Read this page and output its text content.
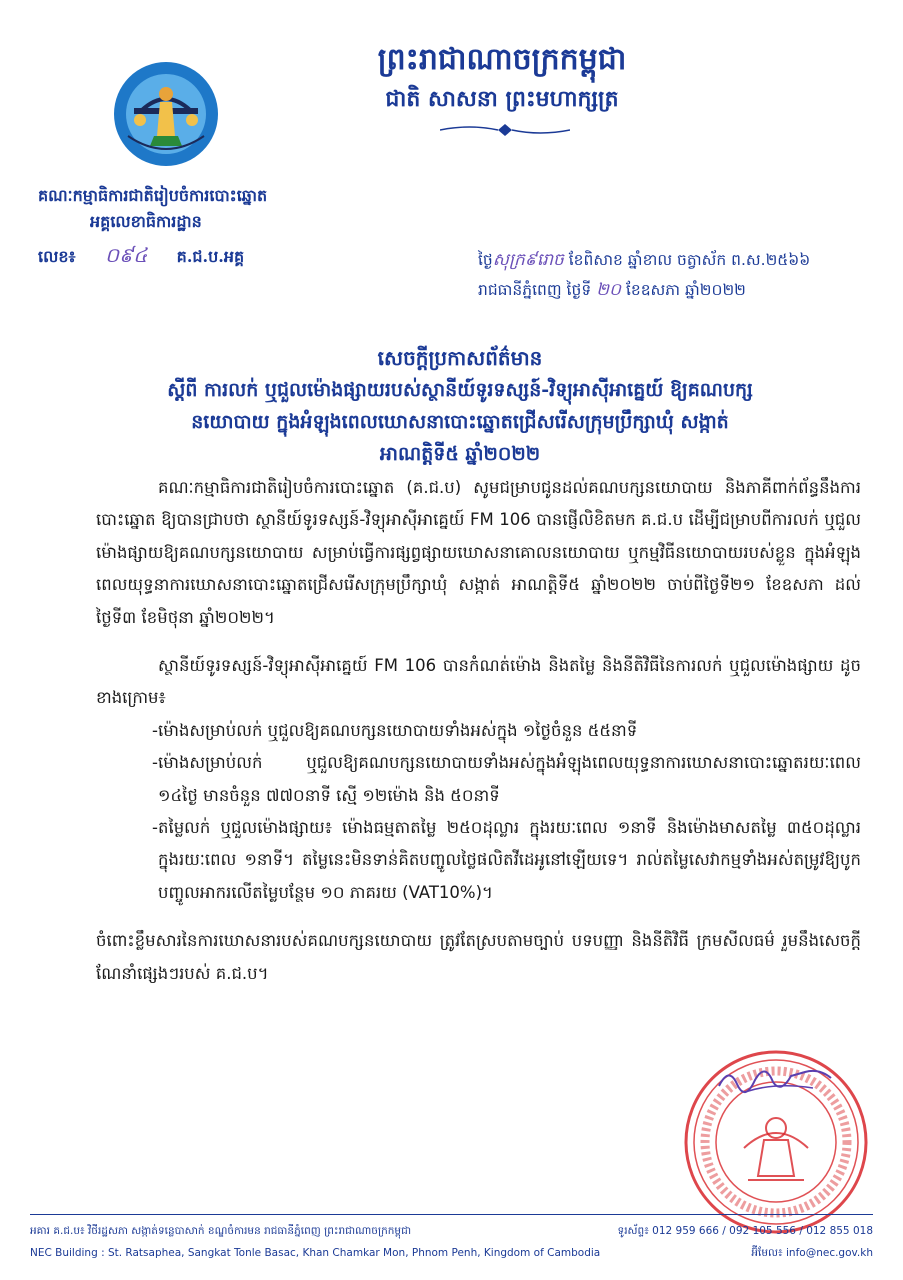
ព្រះរាជាណាចក្រកម្ពុជា
ជាតិ សាសនា ព្រះមហាក្សត្រ
គណៈកម្មាធិការជាតិរៀបចំការបោះឆ្នោត
អគ្គលេខាធិការដ្ឋាន
លេខ៖ ០៩៤ គ.ជ.ប.អគ្គ	ថ្ងៃសុក្រ៩រោច ខែពិសាខ ឆ្នាំខាល ចត្វាស័ក ព.ស.២៥៦៦
រាជធានីភ្នំពេញ ថ្ងៃទី ២០ ខែឧសភា ឆ្នាំ២០២២
សេចក្តីប្រកាសព័ត៌មាន
ស្តីពី ការលក់ ឬជួលម៉ោងផ្សាយរបស់ស្ថានីយ៍ទូរទស្សន៍-វិទ្យុអាស៊ីអាគ្នេយ៍ ឱ្យគណបក្ស
នយោបាយ ក្នុងអំឡុងពេលឃោសនាបោះឆ្នោតជ្រើសរើសក្រុមប្រឹក្សាឃុំ សង្កាត់
អាណត្តិទី៥ ឆ្នាំ២០២២

គណៈកម្មាធិការជាតិរៀបចំការបោះឆ្នោត (គ.ជ.ប) សូមជម្រាបជូនដល់គណបក្សនយោបាយ និងភាគីពាក់ព័ន្ធនឹងការបោះឆ្នោត ឱ្យបានជ្រាបថា ស្ថានីយ៍ទូរទស្សន៍-វិទ្យុអាស៊ីអាគ្នេយ៍ FM 106 បានផ្ញើលិខិតមក គ.ជ.ប ដើម្បីជម្រាបពីការលក់ ឬជួលម៉ោងផ្សាយឱ្យគណបក្សនយោបាយ សម្រាប់ធ្វើការផ្សព្វផ្សាយឃោសនាគោលនយោបាយ ឬកម្មវិធីនយោបាយរបស់ខ្លួន ក្នុងអំឡុងពេលយុទ្ធនាការឃោសនាបោះឆ្នោតជ្រើសរើសក្រុមប្រឹក្សាឃុំ សង្កាត់ អាណត្តិទី៥ ឆ្នាំ២០២២ ចាប់ពីថ្ងៃទី២១ ខែឧសភា ដល់ថ្ងៃទី៣ ខែមិថុនា ឆ្នាំ២០២២។

ស្ថានីយ៍ទូរទស្សន៍-វិទ្យុអាស៊ីអាគ្នេយ៍ FM 106 បានកំណត់ម៉ោង និងតម្លៃ និងនីតិវិធីនៃការលក់ ឬជួលម៉ោងផ្សាយ ដូចខាងក្រោម៖

- ម៉ោងសម្រាប់លក់ ឬជួលឱ្យគណបក្សនយោបាយទាំងអស់ក្នុង ១ថ្ងៃចំនួន ៥៥នាទី
- ម៉ោងសម្រាប់លក់ ឬជួលឱ្យគណបក្សនយោបាយទាំងអស់ក្នុងអំឡុងពេលយុទ្ធនាការឃោសនាបោះឆ្នោតរយៈពេល ១៤ថ្ងៃ មានចំនួន ៧៧០នាទី ស្មើ ១២ម៉ោង និង ៥០នាទី
- តម្លៃលក់ ឬជួលម៉ោងផ្សាយ៖ ម៉ោងធម្មតាតម្លៃ ២៥០ដុល្លារ ក្នុងរយៈពេល ១នាទី និងម៉ោងមាសតម្លៃ ៣៥០ដុល្លារ ក្នុងរយៈពេល ១នាទី។ តម្លៃនេះមិនទាន់គិតបញ្ចូលថ្លៃផលិតវីដេអូនៅឡើយទេ។ រាល់តម្លៃសេវាកម្មទាំងអស់តម្រូវឱ្យបូកបញ្ចូលអាករលើតម្លៃបន្ថែម ១០ ភាគរយ (VAT10%)។

ចំពោះខ្លឹមសារនៃការឃោសនារបស់គណបក្សនយោបាយ ត្រូវតែស្របតាមច្បាប់ បទបញ្ញា និងនីតិវិធី ក្រមសីលធម៌ រួមនឹងសេចក្តីណែនាំផ្សេងៗរបស់ គ.ជ.ប។

អគារ គ.ជ.ប៖ វិថីរដ្ឋសភា សង្កាត់ទន្លេបាសាក់ ខណ្ឌចំការមន រាជធានីភ្នំពេញ ព្រះរាជាណាចក្រកម្ពុជា	ទូរស័ព្ទ៖ 012 959 666 / 092 105 556 / 012 855 018
NEC Building : St. Ratsaphea, Sangkat Tonle Basac, Khan Chamkar Mon, Phnom Penh, Kingdom of Cambodia	អ៊ីមែល៖ info@nec.gov.kh
